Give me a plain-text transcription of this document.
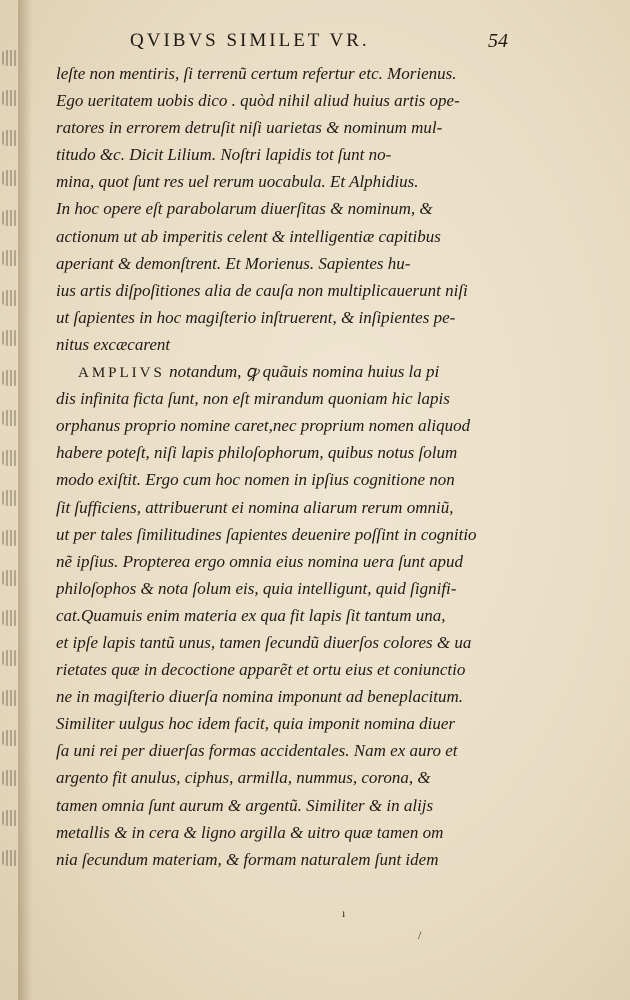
QVIBVS SIMILET VR.	54
leſte non mentiris, ſi terrenũ certum refertur etc. Morienus.
Ego ueritatem uobis dico . quòd nihil aliud huius artis ope-
ratores in errorem detruſit niſi uarietas & nominum mul-
titudo &c. Dicit Lilium. Noſtri lapidis tot ſunt no-
mina, quot ſunt res uel rerum uocabula. Et Alphidius.
In hoc opere eſt parabolarum diuerſitas & nominum, &
actionum ut ab imperitis celent & intelligentiæ capitibus
aperiant & demonſtrent. Et Morienus. Sapientes hu-
ius artis diſpoſitiones alia de cauſa non multiplicauerunt niſi
ut ſapientes in hoc magiſterio inſtruerent, & inſipientes pe-
nitus excæcarent
AMPLIVS notandum, ꝙ quãuis nomina huius la pi
dis infinita ficta ſunt, non eſt mirandum quoniam hic lapis
orphanus proprio nomine caret,nec proprium nomen aliquod
habere poteſt, niſi lapis philoſophorum, quibus notus ſolum
modo exiſtit. Ergo cum hoc nomen in ipſius cognitione non
ſit ſufficiens, attribuerunt ei nomina aliarum rerum omniũ,
ut per tales ſimilitudines ſapientes deuenire poſſint in cognitio
nẽ ipſius. Propterea ergo omnia eius nomina uera ſunt apud
philoſophos & nota ſolum eis, quia intelligunt, quid ſignifi-
cat.Quamuis enim materia ex qua fit lapis ſit tantum una,
et ipſe lapis tantũ unus, tamen ſecundũ diuerſos colores & ua
rietates quæ in decoctione apparẽt et ortu eius et coniunctio
ne in magiſterio diuerſa nomina imponunt ad beneplacitum.
Similiter uulgus hoc idem facit, quia imponit nomina diuer
ſa uni rei per diuerſas formas accidentales. Nam ex auro et
argento fit anulus, ciphus, armilla, nummus, corona, &
tamen omnia ſunt aurum & argentũ. Similiter & in alijs
metallis & in cera & ligno argilla & uitro quæ tamen om
nia ſecundum materiam, & formam naturalem ſunt idem
ı
/
